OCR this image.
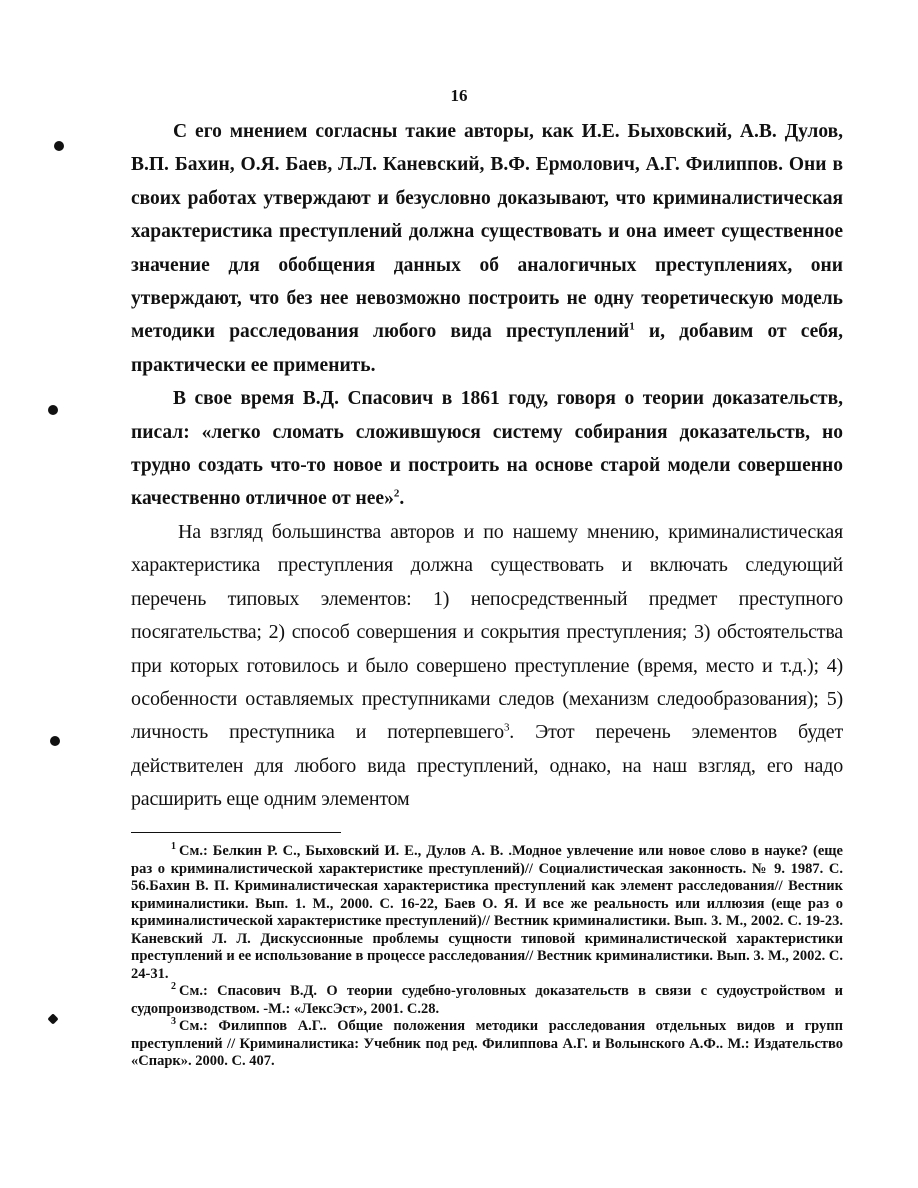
16

С его мнением согласны такие авторы, как И.Е. Быховский, А.В. Дулов, В.П. Бахин, О.Я. Баев, Л.Л. Каневский, В.Ф. Ермолович, А.Г. Филиппов. Они в своих работах утверждают и безусловно доказывают, что криминалистическая характеристика преступлений должна существовать и она имеет существенное значение для обобщения данных об аналогичных преступлениях, они утверждают, что без нее невозможно построить не одну теоретическую модель методики расследования любого вида преступлений$^1$ и, добавим от себя, практически ее применить.

В свое время В.Д. Спасович в 1861 году, говоря о теории доказательств, писал: «легко сломать сложившуюся систему собирания доказательств, но трудно создать что-то новое и построить на основе старой модели совершенно качественно отличное от нее»$^2$.

На взгляд большинства авторов и по нашему мнению, криминалистическая характеристика преступления должна существовать и включать следующий перечень типовых элементов: 1) непосредственный предмет преступного посягательства; 2) способ совершения и сокрытия преступления; 3) обстоятельства при которых готовилось и было совершено преступление (время, место и т.д.); 4) особенности оставляемых преступниками следов (механизм следообразования); 5) личность преступника и потерпевшего$^3$. Этот перечень элементов будет действителен для любого вида преступлений, однако, на наш взгляд, его надо расширить еще одним элементом

$^1$ См.: Белкин Р. С., Быховский И. Е., Дулов А. В. .Модное увлечение или новое слово в науке? (еще раз о криминалистической характеристике преступлений)// Социалистическая законность. № 9. 1987. С. 56.Бахин В. П. Криминалистическая характеристика преступлений как элемент расследования// Вестник криминалистики. Вып. 1. М., 2000. С. 16-22, Баев О. Я. И все же реальность или иллюзия (еще раз о криминалистической характеристике преступлений)// Вестник криминалистики. Вып. 3. М., 2002. С. 19-23. Каневский Л. Л. Дискуссионные проблемы сущности типовой криминалистической характеристики преступлений и ее использование в процессе расследования// Вестник криминалистики. Вып. 3. М., 2002. С. 24-31.

$^2$ См.: Спасович В.Д. О теории судебно-уголовных доказательств в связи с судоустройством и судопроизводством. -М.: «ЛексЭст», 2001. С.28.

$^3$ См.: Филиппов А.Г.. Общие положения методики расследования отдельных видов и групп преступлений // Криминалистика: Учебник под ред. Филиппова А.Г. и Волынского А.Ф.. М.: Издательство «Спарк». 2000. С. 407.
